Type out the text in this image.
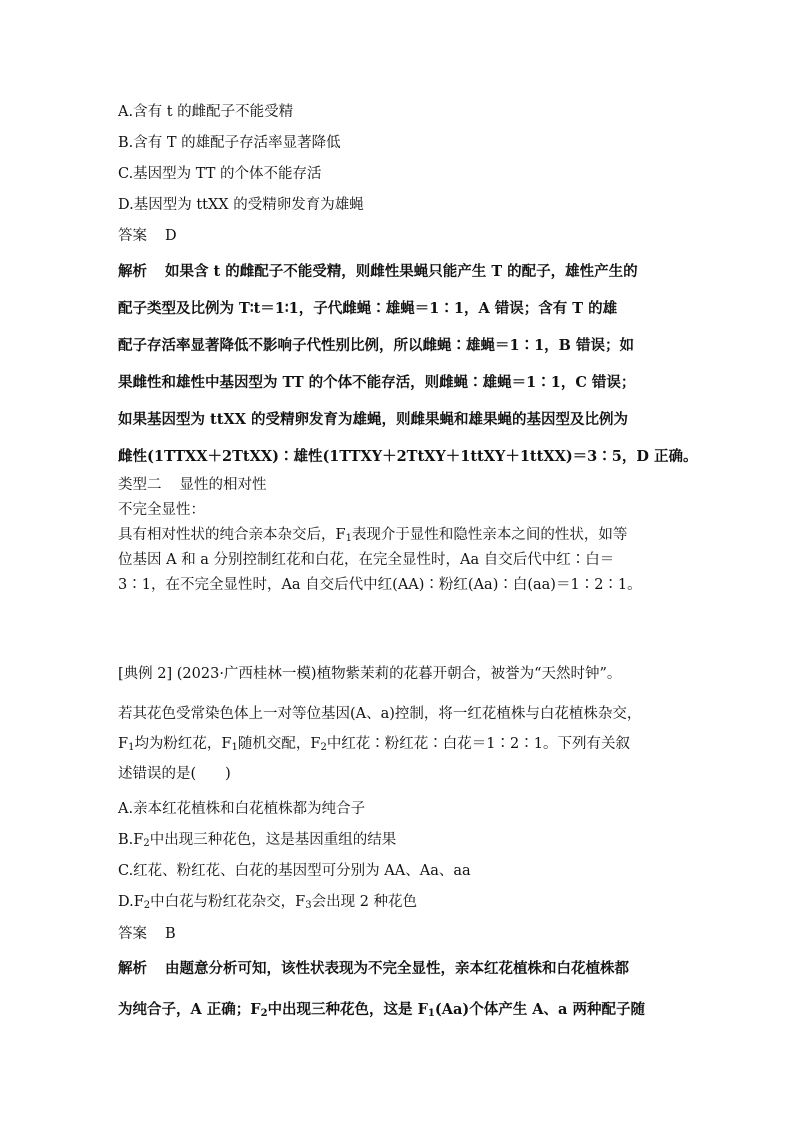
A.含有 t 的雌配子不能受精
B.含有 T 的雄配子存活率显著降低
C.基因型为 TT 的个体不能存活
D.基因型为 ttXX 的受精卵发育为雄蝇
答案 D
解析 如果含 t 的雌配子不能受精，则雌性果蝇只能产生 T 的配子，雄性产生的
配子类型及比例为 T∶t＝1∶1，子代雌蝇∶雄蝇＝1∶1，A 错误；含有 T 的雄
配子存活率显著降低不影响子代性别比例，所以雌蝇∶雄蝇＝1∶1，B 错误；如
果雌性和雄性中基因型为 TT 的个体不能存活，则雌蝇∶雄蝇＝1∶1，C 错误；
如果基因型为 ttXX 的受精卵发育为雄蝇，则雌果蝇和雄果蝇的基因型及比例为
雌性(1TTXX＋2TtXX)∶雄性(1TTXY＋2TtXY＋1ttXY＋1ttXX)＝3∶5，D 正确。
类型二 显性的相对性
不完全显性：
具有相对性状的纯合亲本杂交后，$F_1$表现介于显性和隐性亲本之间的性状，如等
位基因 A 和 a 分别控制红花和白花，在完全显性时，Aa 自交后代中红∶白＝
3∶1，在不完全显性时，Aa 自交后代中红(AA)∶粉红(Aa)∶白(aa)＝1∶2∶1。
[典例 2] (2023·广西桂林一模)植物紫茉莉的花暮开朝合，被誉为“天然时钟”。
若其花色受常染色体上一对等位基因(A、a)控制，将一红花植株与白花植株杂交，
$F_1$均为粉红花，$F_1$随机交配，$F_2$中红花∶粉红花∶白花＝1∶2∶1。下列有关叙
述错误的是(　　)
A.亲本红花植株和白花植株都为纯合子
$B.F_2$中出现三种花色，这是基因重组的结果
C.红花、粉红花、白花的基因型可分别为 AA、Aa、aa
$D.F_2$中白花与粉红花杂交，$F_3$会出现 2 种花色
答案 B
解析 由题意分析可知，该性状表现为不完全显性，亲本红花植株和白花植株都
为纯合子，A 正确；$F_2$中出现三种花色，这是 $F_1(Aa)$个体产生 A、a 两种配子随
